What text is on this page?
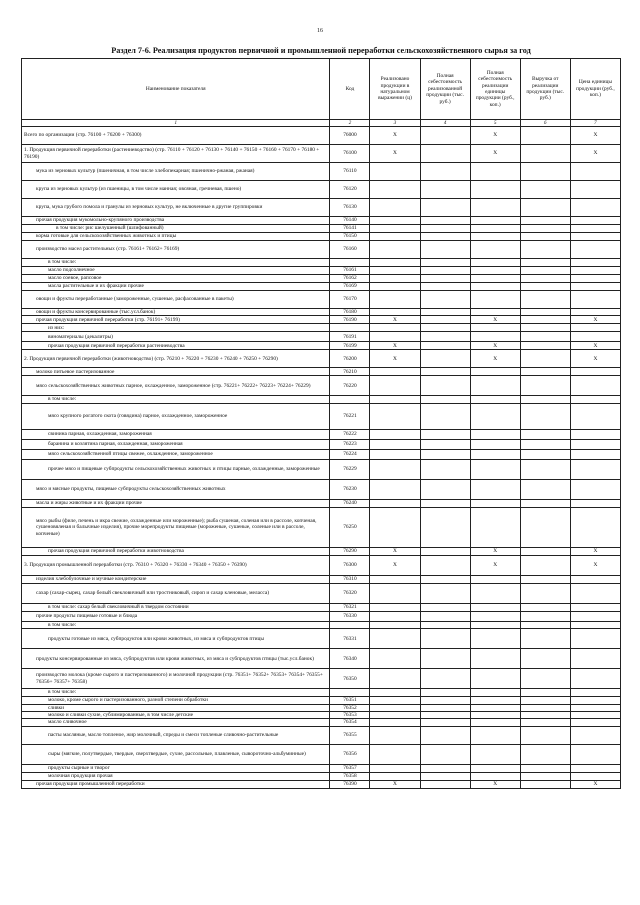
16
Раздел 7-6. Реализация продуктов первичной и промышленной переработки сельскохозяйственного сырья за год
Наименование показателя	Код	Реализовано продукции в натуральном выражении (ц)	Полная себестоимость реализованной продукции (тыс. руб.)	Полная себестоимость реализации единицы продукции (руб., коп.)	Выручка от реализации продукции (тыс. руб.)	Цена единицы продукции (руб., коп.)
1	2	3	4	5	6	7
Всего по организации (стр. 76100 + 76200 + 76300)	76000	X		X		X
1. Продукция первичной переработки (растениеводство) (стр. 76110 + 76120 + 76130 + 76140 + 76150 + 76160 + 76170 + 76180 + 76190)	76100	X		X		X
мука из зерновых культур (пшеничная, в том числе хлебопекарная; пшенично-ржаная, ржаная)	76110					
крупа из зерновых культур (из пшеницы, в том числе манная; овсяная, гречневая, пшено)	76120					
крупа, мука грубого помола и гранулы из зерновых культур, не включенные в другие группировки	76130					
прочая продукция мукомольно-крупяного производства	76140					
в том числе: рис шелушенный (шлифованный)	76141					
корма готовые для сельскохозяйственных животных и птицы	76150					
производство масел растительных (стр. 76161+ 76162+ 76169)	76160					
в том числе:						
масло подсолнечное	76161					
масло соевое, рапсовое	76162					
масла растительные и их фракции прочие	76169					
овощи и фрукты переработанные (замороженные, сушеные, расфасованные в пакеты)	76170					
овощи и фрукты консервированные (тыс.усл.банок)	76180					
прочая продукция первичной переработки (стр. 76191+ 76199)	76190	X		X		X
из них:						
виноматериалы (декалитры)	76191					
прочая продукция первичной переработки растениеводства	76199	X		X		X
2. Продукция первичной переработки (животноводство) (стр. 76210 + 76220 + 76230 + 76240 + 76250 + 76290)	76200	X		X		X
молоко питьевое пастеризованное	76210					
мясо сельскохозяйственных животных парное, охлажденное, замороженное (стр. 76221+ 76222+ 76223+ 76224+ 76229)	76220					
в том числе:						
мясо крупного рогатого скота (говядина) парное, охлажденное, замороженное	76221					
свинина парная, охлажденная, замороженная	76222					
баранина и козлятина парная, охлажденная, замороженная	76223					
мясо сельскохозяйственной птицы свежее, охлажденное, замороженное	76224					
прочее мясо и пищевые субпродукты сельскохозяйственных животных и птицы парные, охлажденные, замороженные	76229					
мясо и мясные продукты, пищевые субпродукты сельскохозяйственных животных	76230					
масла и жиры животные и их фракции прочие	76240					
мясо рыбы (филе, печень и икра свежие, охлажденные или мороженные); рыба сушеная, соленая или в рассоле, копченая, сушеновяленая и балычные изделия), прочие морепродукты пищевые (мороженые, сушеные, соленые или в рассоле, копченые)	76250					
прочая продукция первичной переработки животноводства	76290	X		X		X
3. Продукция промышленной переработки (стр. 76310 + 76320 + 76330 + 76340 + 76350 + 76390)	76300	X		X		X
изделия хлебобулочные и мучные кондитерские	76310					
сахар (сахар-сырец, сахар белый свекловичный или тростниковый, сироп и сахар кленовые, меласса)	76320					
в том числе: сахар белый свекловичный в твердом состоянии	76321					
прочие продукты пищевые готовые и блюда	76330					
в том числе:						
продукты готовые из мяса, субпродуктов или крови животных, из мяса и субпродуктов птицы	76331					
продукты консервированные из мяса, субпродуктов или крови животных, из мяса и субпродуктов птицы (тыс.усл.банок)	76340					
производство молока (кроме сырого и пастеризованного) и молочной продукции (стр. 76351+ 76352+ 76353+ 76354+ 76355+ 76356+ 76357+ 76358)	76350					
в том числе:						
молоко, кроме сырого и пастеризованного, разной степени обработки	76351					
сливки	76352					
молоко и сливки сухие, сублимированные, в том числе детские	76353					
масло сливочное	76354					
пасты масляные, масло топленое, жир молочный, спреды и смеси топленые сливочно-растительные	76355					
сыры (мягкие, полутвердые, твердые, сверхтвердые, сухие, рассольные, плавленые, сывороточно-альбуминные)	76356					
продукты сырные и творог	76357					
молочная продукция прочая	76358					
прочая продукция промышленной переработки	76390	X		X		X
